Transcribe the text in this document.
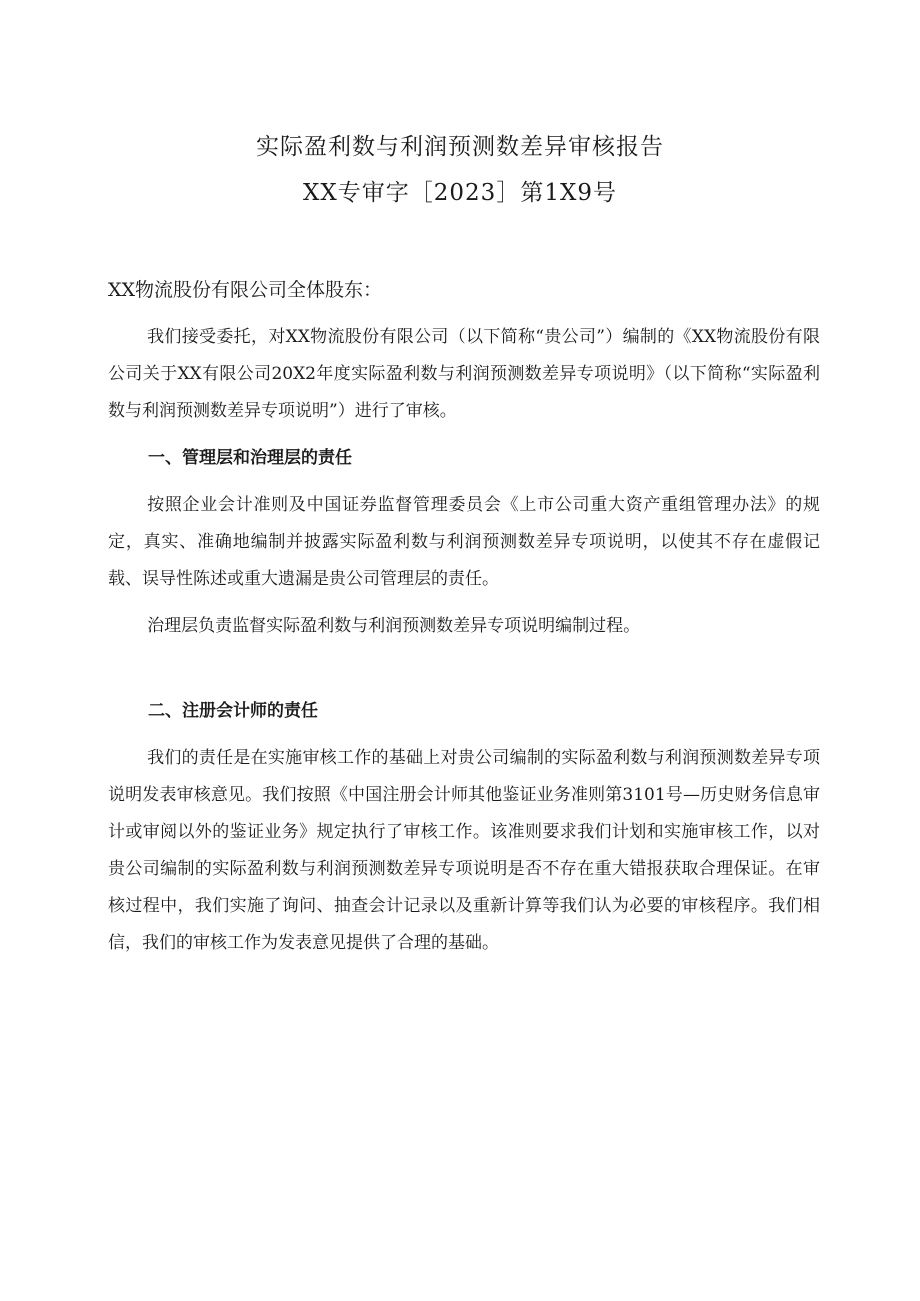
实际盈利数与利润预测数差异审核报告
XX专审字［2023］第1X9号

XX物流股份有限公司全体股东：

我们接受委托，对XX物流股份有限公司（以下简称“贵公司”）编制的《XX物流股份有限公司关于XX有限公司20X2年度实际盈利数与利润预测数差异专项说明》（以下简称“实际盈利数与利润预测数差异专项说明”）进行了审核。

一、管理层和治理层的责任

按照企业会计准则及中国证券监督管理委员会《上市公司重大资产重组管理办法》的规定，真实、准确地编制并披露实际盈利数与利润预测数差异专项说明，以使其不存在虚假记载、误导性陈述或重大遗漏是贵公司管理层的责任。

治理层负责监督实际盈利数与利润预测数差异专项说明编制过程。

二、注册会计师的责任

我们的责任是在实施审核工作的基础上对贵公司编制的实际盈利数与利润预测数差异专项说明发表审核意见。我们按照《中国注册会计师其他鉴证业务准则第3101号—历史财务信息审计或审阅以外的鉴证业务》规定执行了审核工作。该准则要求我们计划和实施审核工作，以对贵公司编制的实际盈利数与利润预测数差异专项说明是否不存在重大错报获取合理保证。在审核过程中，我们实施了询问、抽查会计记录以及重新计算等我们认为必要的审核程序。我们相信，我们的审核工作为发表意见提供了合理的基础。
